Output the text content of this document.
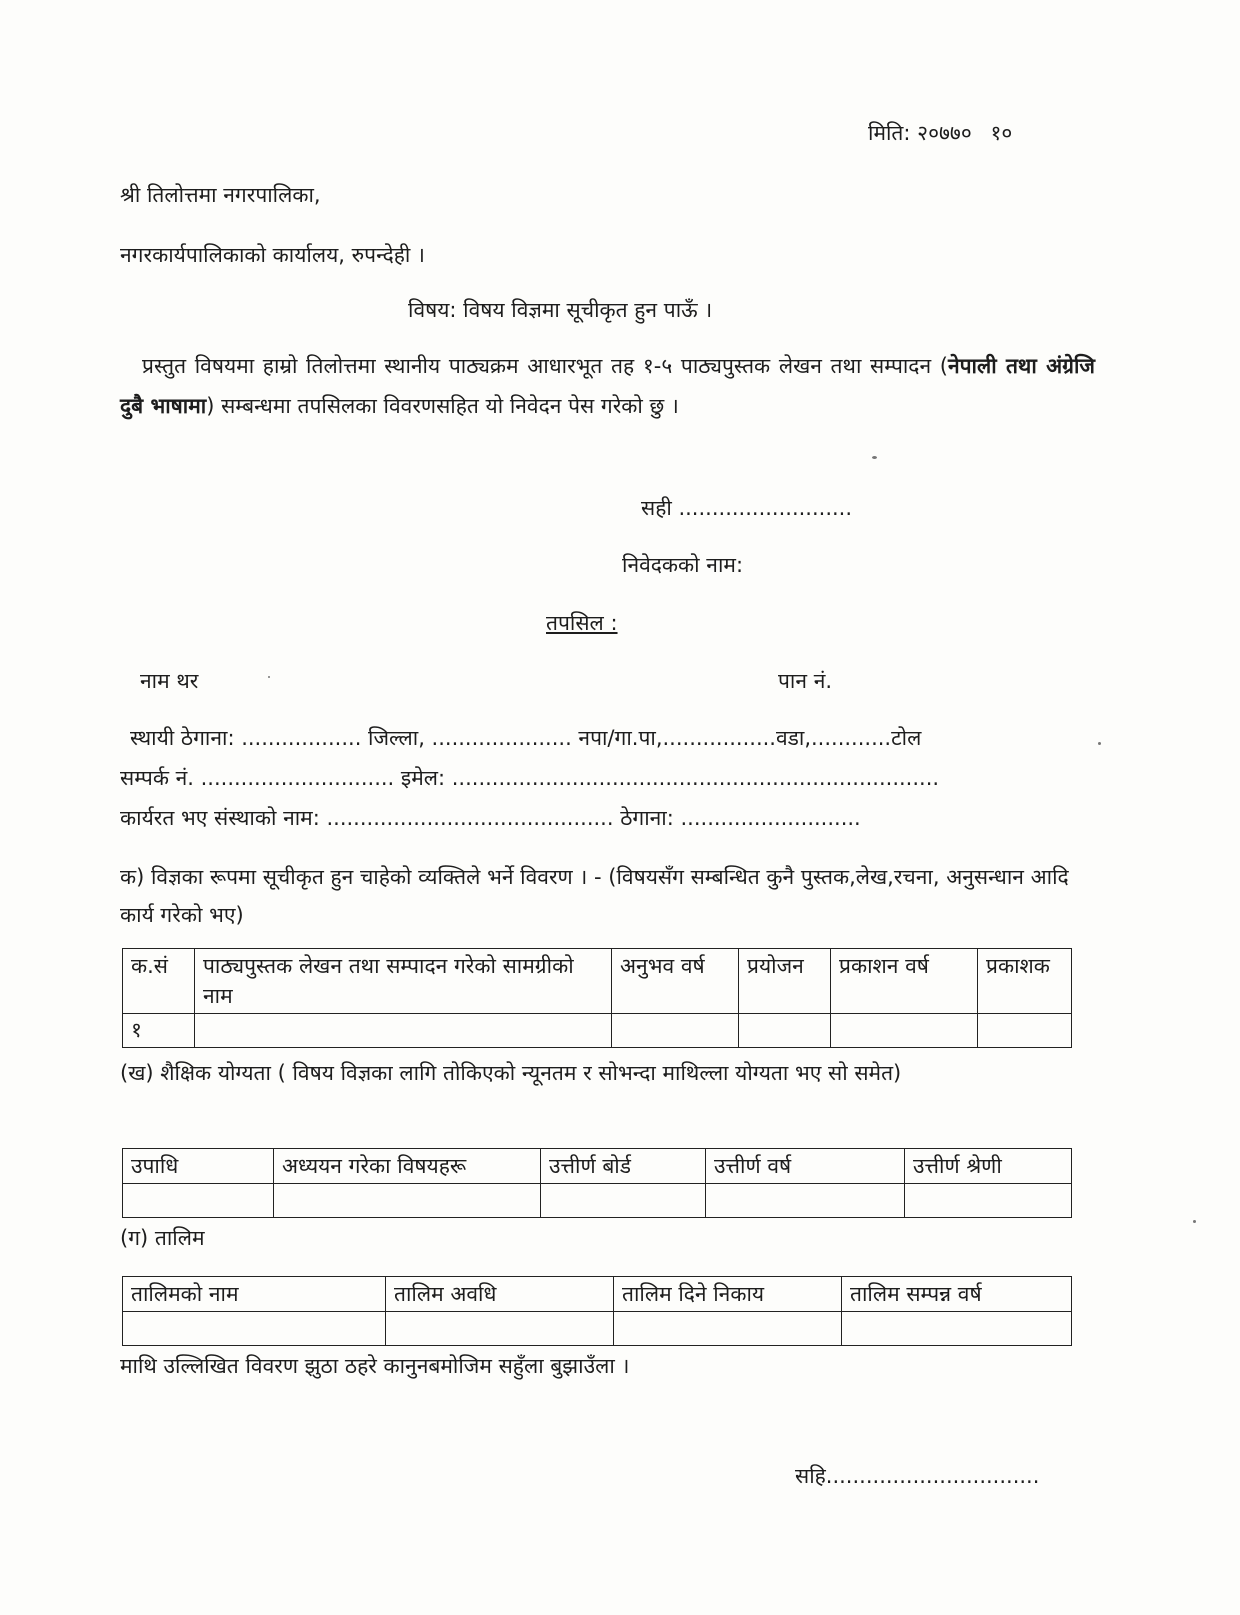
मिति: २०७७० १०
श्री तिलोत्तमा नगरपालिका,
नगरकार्यपालिकाको कार्यालय, रुपन्देही ।
विषय: विषय विज्ञमा सूचीकृत हुन पाऊँ ।
प्रस्तुत विषयमा हाम्रो तिलोत्तमा स्थानीय पाठ्यक्रम आधारभूत तह १-५ पाठ्यपुस्तक लेखन तथा सम्पादन (नेपाली तथा अंग्रेजि दुबै भाषामा) सम्बन्धमा तपसिलका विवरणसहित यो निवेदन पेस गरेको छु ।
सही ..........................
निवेदकको नाम:
तपसिल :
नाम थर	पान नं.
स्थायी ठेगाना: .................. जिल्ला, ..................... नपा/गा.पा,.................वडा,............टोल
सम्पर्क नं. ............................. इमेल: .........................................................................
कार्यरत भए संस्थाको नाम: ........................................... ठेगाना: ...........................
क) विज्ञका रूपमा सूचीकृत हुन चाहेको व्यक्तिले भर्ने विवरण । - (विषयसँग सम्बन्धित कुनै पुस्तक,लेख,रचना, अनुसन्धान आदि कार्य गरेको भए)
क.सं	पाठ्यपुस्तक लेखन तथा सम्पादन गरेको सामग्रीको नाम	अनुभव वर्ष	प्रयोजन	प्रकाशन वर्ष	प्रकाशक
१					
(ख) शैक्षिक योग्यता ( विषय विज्ञका लागि तोकिएको न्यूनतम र सोभन्दा माथिल्ला योग्यता भए सो समेत)
उपाधि	अध्ययन गरेका विषयहरू	उत्तीर्ण बोर्ड	उत्तीर्ण वर्ष	उत्तीर्ण श्रेणी

(ग) तालिम
तालिमको नाम	तालिम अवधि	तालिम दिने निकाय	तालिम सम्पन्न वर्ष

माथि उल्लिखित विवरण झुठा ठहरे कानुनबमोजिम सहुँला बुझाउँला ।
सहि................................
